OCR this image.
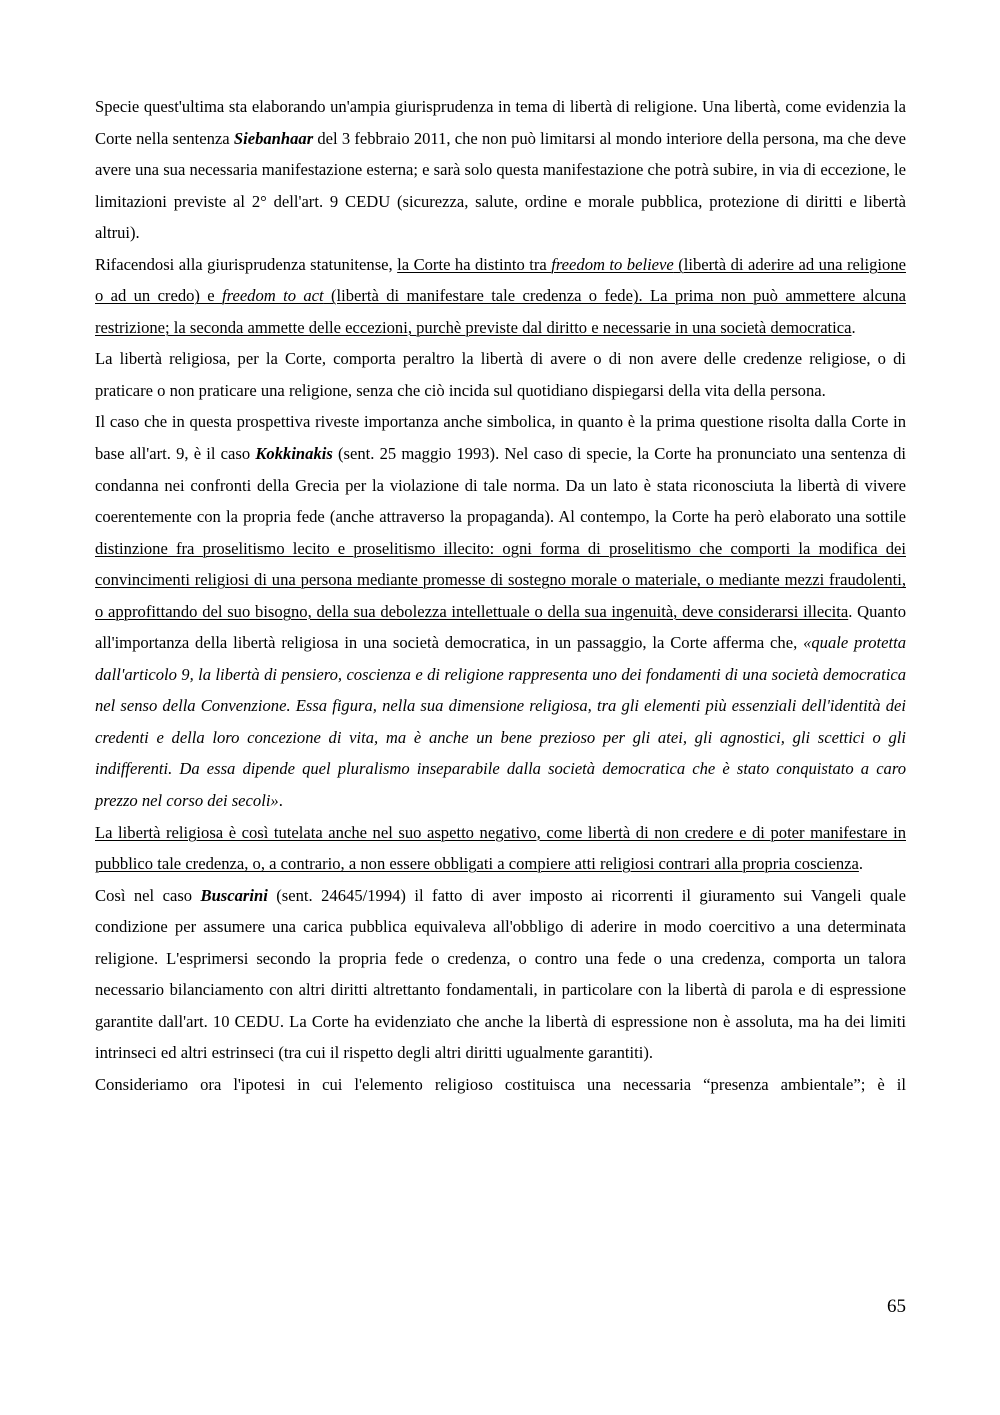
Specie quest'ultima sta elaborando un'ampia giurisprudenza in tema di libertà di religione. Una libertà, come evidenzia la Corte nella sentenza Siebanhaar del 3 febbraio 2011, che non può limitarsi al mondo interiore della persona, ma che deve avere una sua necessaria manifestazione esterna; e sarà solo questa manifestazione che potrà subire, in via di eccezione, le limitazioni previste al 2° dell'art. 9 CEDU (sicurezza, salute, ordine e morale pubblica, protezione di diritti e libertà altrui).

Rifacendosi alla giurisprudenza statunitense, la Corte ha distinto tra freedom to believe (libertà di aderire ad una religione o ad un credo) e freedom to act (libertà di manifestare tale credenza o fede). La prima non può ammettere alcuna restrizione; la seconda ammette delle eccezioni, purchè previste dal diritto e necessarie in una società democratica.

La libertà religiosa, per la Corte, comporta peraltro la libertà di avere o di non avere delle credenze religiose, o di praticare o non praticare una religione, senza che ciò incida sul quotidiano dispiegarsi della vita della persona.

Il caso che in questa prospettiva riveste importanza anche simbolica, in quanto è la prima questione risolta dalla Corte in base all'art. 9, è il caso Kokkinakis (sent. 25 maggio 1993). Nel caso di specie, la Corte ha pronunciato una sentenza di condanna nei confronti della Grecia per la violazione di tale norma. Da un lato è stata riconosciuta la libertà di vivere coerentemente con la propria fede (anche attraverso la propaganda). Al contempo, la Corte ha però elaborato una sottile distinzione fra proselitismo lecito e proselitismo illecito: ogni forma di proselitismo che comporti la modifica dei convincimenti religiosi di una persona mediante promesse di sostegno morale o materiale, o mediante mezzi fraudolenti, o approfittando del suo bisogno, della sua debolezza intellettuale o della sua ingenuità, deve considerarsi illecita. Quanto all'importanza della libertà religiosa in una società democratica, in un passaggio, la Corte afferma che, «quale protetta dall'articolo 9, la libertà di pensiero, coscienza e di religione rappresenta uno dei fondamenti di una società democratica nel senso della Convenzione. Essa figura, nella sua dimensione religiosa, tra gli elementi più essenziali dell'identità dei credenti e della loro concezione di vita, ma è anche un bene prezioso per gli atei, gli agnostici, gli scettici o gli indifferenti. Da essa dipende quel pluralismo inseparabile dalla società democratica che è stato conquistato a caro prezzo nel corso dei secoli».

La libertà religiosa è così tutelata anche nel suo aspetto negativo, come libertà di non credere e di poter manifestare in pubblico tale credenza, o, a contrario, a non essere obbligati a compiere atti religiosi contrari alla propria coscienza.

Così nel caso Buscarini (sent. 24645/1994) il fatto di aver imposto ai ricorrenti il giuramento sui Vangeli quale condizione per assumere una carica pubblica equivaleva all'obbligo di aderire in modo coercitivo a una determinata religione. L'esprimersi secondo la propria fede o credenza, o contro una fede o una credenza, comporta un talora necessario bilanciamento con altri diritti altrettanto fondamentali, in particolare con la libertà di parola e di espressione garantite dall'art. 10 CEDU. La Corte ha evidenziato che anche la libertà di espressione non è assoluta, ma ha dei limiti intrinseci ed altri estrinseci (tra cui il rispetto degli altri diritti ugualmente garantiti).

Consideriamo ora l'ipotesi in cui l'elemento religioso costituisca una necessaria “presenza ambientale”; è il

65
